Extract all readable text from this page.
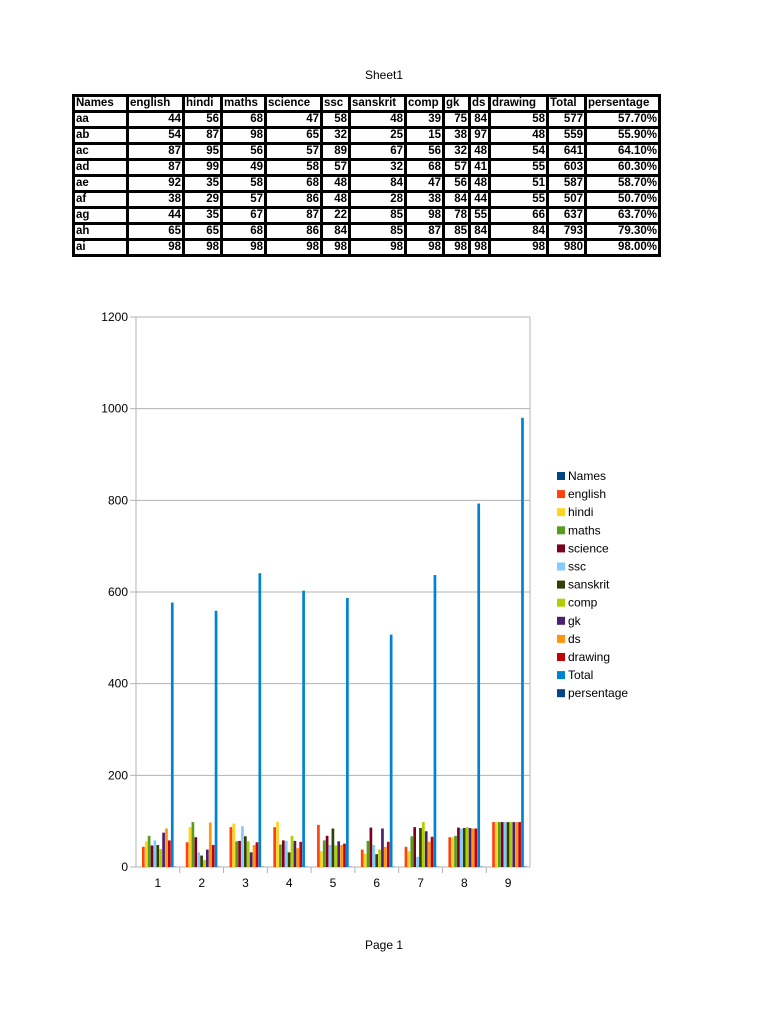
Sheet1
Names	english	hindi	maths	science	ssc	sanskrit	comp	gk	ds	drawing	Total	persentage
aa	44	56	68	47	58	48	39	75	84	58	577	57.70%
ab	54	87	98	65	32	25	15	38	97	48	559	55.90%
ac	87	95	56	57	89	67	56	32	48	54	641	64.10%
ad	87	99	49	58	57	32	68	57	41	55	603	60.30%
ae	92	35	58	68	48	84	47	56	48	51	587	58.70%
af	38	29	57	86	48	28	38	84	44	55	507	50.70%
ag	44	35	67	87	22	85	98	78	55	66	637	63.70%
ah	65	65	68	86	84	85	87	85	84	84	793	79.30%
ai	98	98	98	98	98	98	98	98	98	98	980	98.00%
0
200
400
600
800
1000
1200
1	2	3	4	5	6	7	8	9
Names
english
hindi
maths
science
ssc
sanskrit
comp
gk
ds
drawing
Total
persentage
Page 1
